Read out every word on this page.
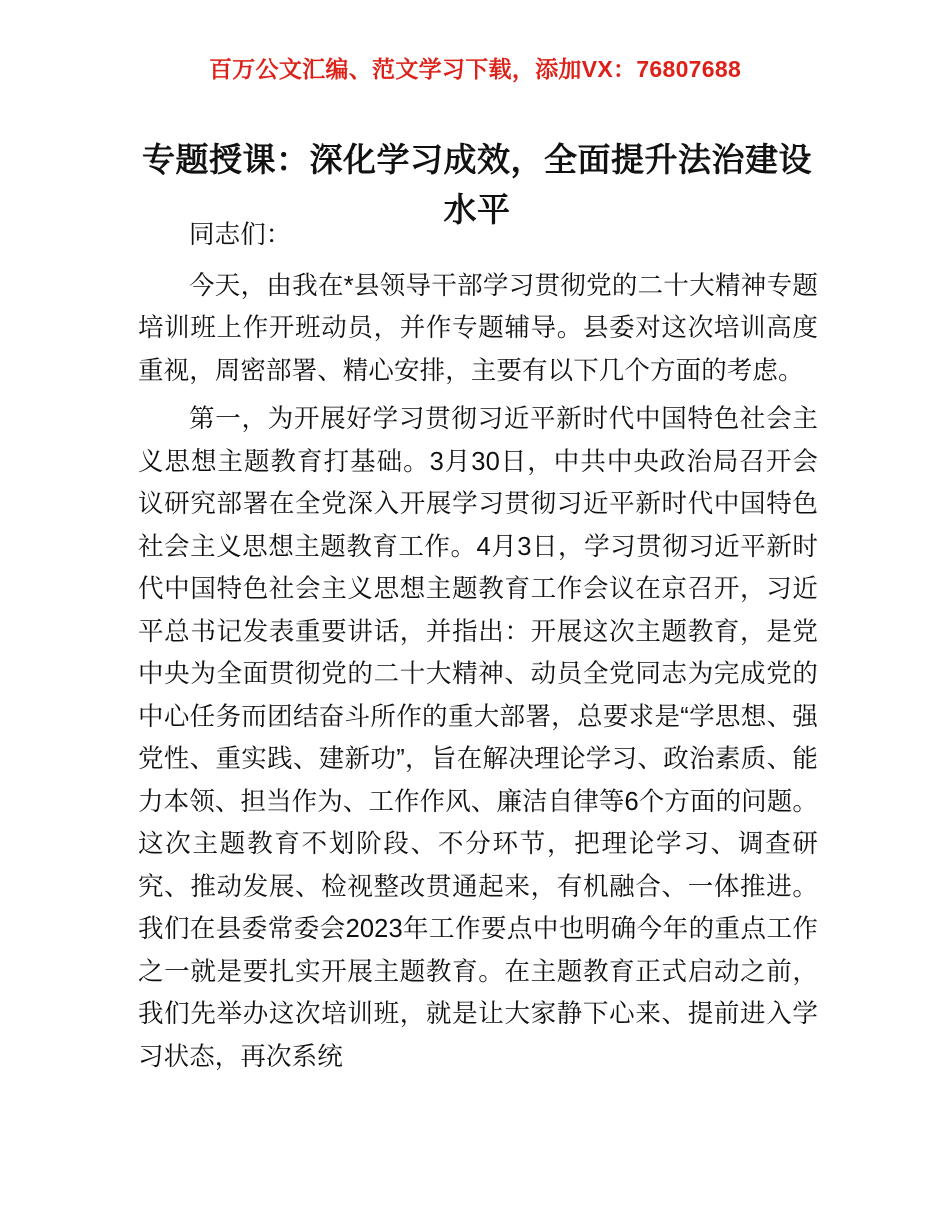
百万公文汇编、范文学习下载，添加VX：76807688
专题授课：深化学习成效，全面提升法治建设水平

同志们：

今天，由我在*县领导干部学习贯彻党的二十大精神专题培训班上作开班动员，并作专题辅导。县委对这次培训高度重视，周密部署、精心安排，主要有以下几个方面的考虑。

第一，为开展好学习贯彻习近平新时代中国特色社会主义思想主题教育打基础。3月30日，中共中央政治局召开会议研究部署在全党深入开展学习贯彻习近平新时代中国特色社会主义思想主题教育工作。4月3日，学习贯彻习近平新时代中国特色社会主义思想主题教育工作会议在京召开，习近平总书记发表重要讲话，并指出：开展这次主题教育，是党中央为全面贯彻党的二十大精神、动员全党同志为完成党的中心任务而团结奋斗所作的重大部署，总要求是“学思想、强党性、重实践、建新功”，旨在解决理论学习、政治素质、能力本领、担当作为、工作作风、廉洁自律等6个方面的问题。这次主题教育不划阶段、不分环节，把理论学习、调查研究、推动发展、检视整改贯通起来，有机融合、一体推进。我们在县委常委会2023年工作要点中也明确今年的重点工作之一就是要扎实开展主题教育。在主题教育正式启动之前，我们先举办这次培训班，就是让大家静下心来、提前进入学习状态，再次系统
